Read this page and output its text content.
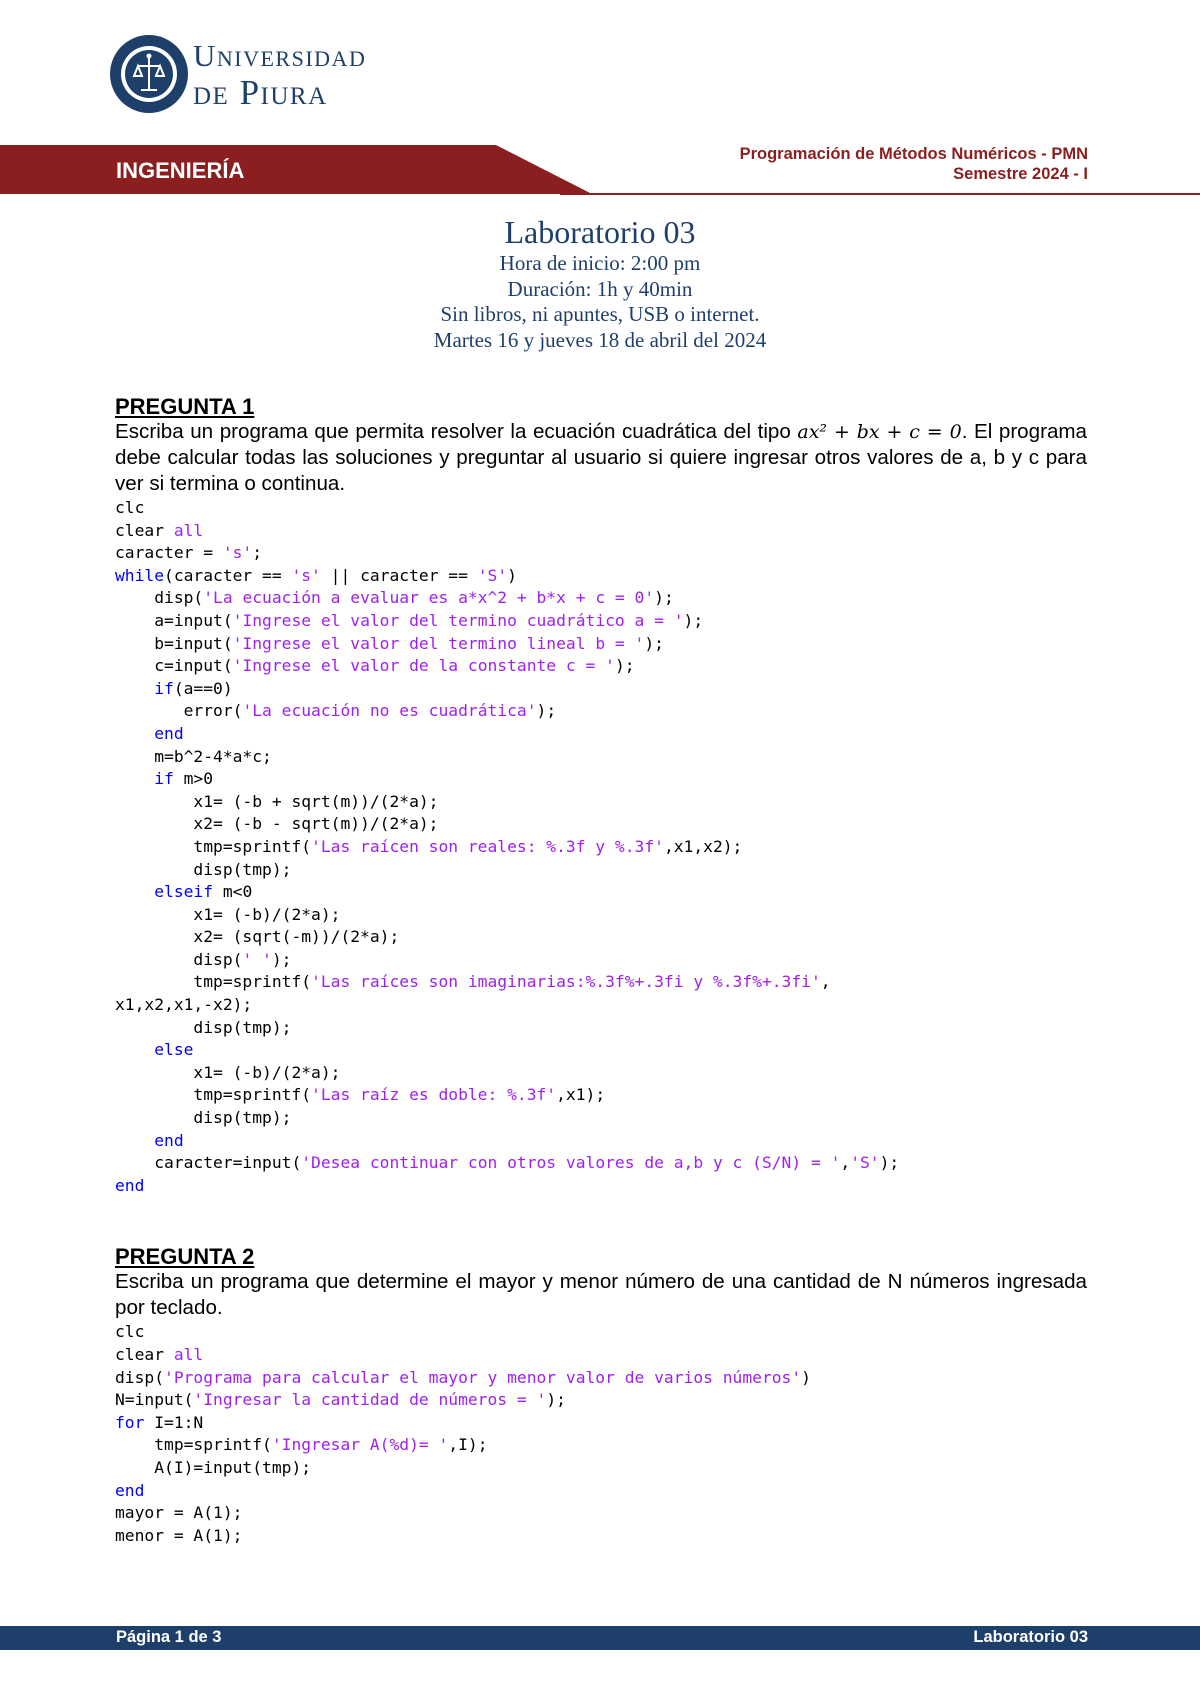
Universidad
de Piura
INGENIERÍA
Programación de Métodos Numéricos - PMN
Semestre 2024 - I
Laboratorio 03
Hora de inicio: 2:00 pm
Duración: 1h y 40min
Sin libros, ni apuntes, USB o internet.
Martes 16 y jueves 18 de abril del 2024
PREGUNTA 1
Escriba un programa que permita resolver la ecuación cuadrática del tipo ax² + bx + c = 0. El programa debe calcular todas las soluciones y preguntar al usuario si quiere ingresar otros valores de a, b y c para ver si termina o continua.
clc
clear all
caracter = 's';
while(caracter == 's' || caracter == 'S')
disp('La ecuación a evaluar es a*x^2 + b*x + c = 0');
a=input('Ingrese el valor del termino cuadrático a = ');
b=input('Ingrese el valor del termino lineal b = ');
c=input('Ingrese el valor de la constante c = ');
if(a==0)
error('La ecuación no es cuadrática');
end
m=b^2-4*a*c;
if m>0
x1= (-b + sqrt(m))/(2*a);
x2= (-b - sqrt(m))/(2*a);
tmp=sprintf('Las raícen son reales: %.3f y %.3f',x1,x2);
disp(tmp);
elseif m<0
x1= (-b)/(2*a);
x2= (sqrt(-m))/(2*a);
disp(' ');
tmp=sprintf('Las raíces son imaginarias:%.3f%+.3fi y %.3f%+.3fi',
x1,x2,x1,-x2);
disp(tmp);
else
x1= (-b)/(2*a);
tmp=sprintf('Las raíz es doble: %.3f',x1);
disp(tmp);
end
caracter=input('Desea continuar con otros valores de a,b y c (S/N) = ','S');
end
PREGUNTA 2
Escriba un programa que determine el mayor y menor número de una cantidad de N números ingresada por teclado.
clc
clear all
disp('Programa para calcular el mayor y menor valor de varios números')
N=input('Ingresar la cantidad de números = ');
for I=1:N
tmp=sprintf('Ingresar A(%d)= ',I);
A(I)=input(tmp);
end
mayor = A(1);
menor = A(1);
Página 1 de 3	Laboratorio 03
